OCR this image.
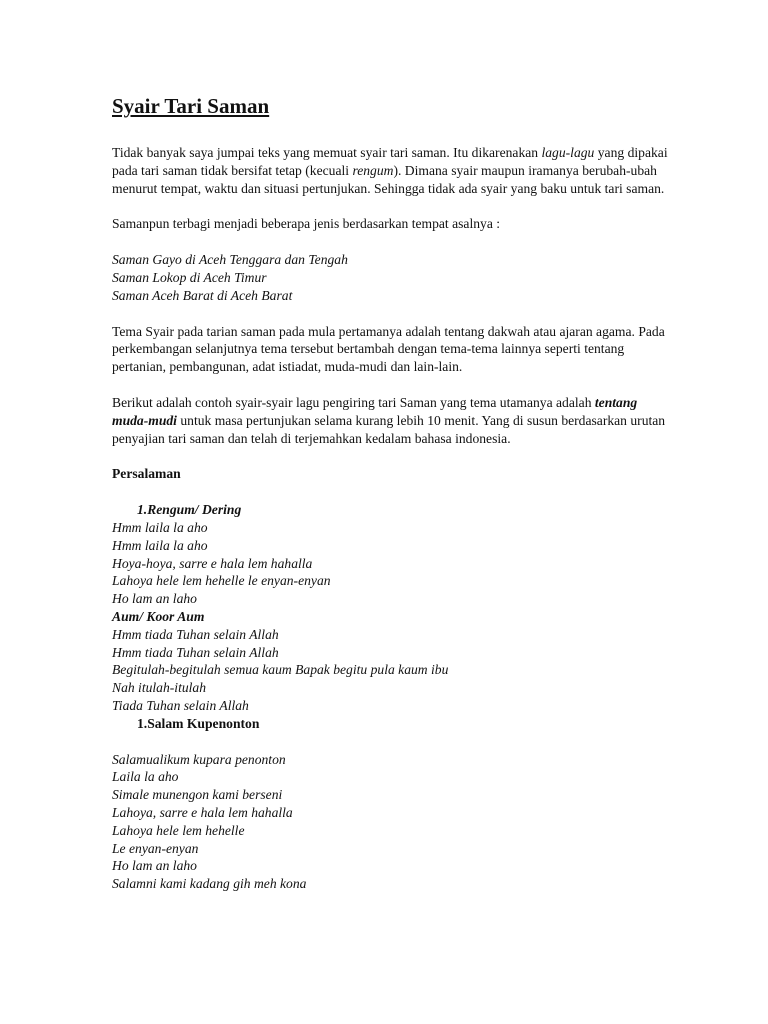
Syair Tari Saman

Tidak banyak saya jumpai teks yang memuat syair tari saman. Itu dikarenakan lagu-lagu yang dipakai pada tari saman tidak bersifat tetap (kecuali rengum). Dimana syair maupun iramanya berubah-ubah menurut tempat, waktu dan situasi pertunjukan. Sehingga tidak ada syair yang baku untuk tari saman.

Samanpun terbagi menjadi beberapa jenis berdasarkan tempat asalnya :

Saman Gayo di Aceh Tenggara dan Tengah
Saman Lokop di Aceh Timur
Saman Aceh Barat di Aceh Barat

Tema Syair pada tarian saman pada mula pertamanya adalah tentang dakwah atau ajaran agama. Pada perkembangan selanjutnya tema tersebut bertambah dengan tema-tema lainnya seperti tentang pertanian, pembangunan, adat istiadat, muda-mudi dan lain-lain.

Berikut adalah contoh syair-syair lagu pengiring tari Saman yang tema utamanya adalah tentang muda-mudi untuk masa pertunjukan selama kurang lebih 10 menit. Yang di susun berdasarkan urutan penyajian tari saman dan telah di terjemahkan kedalam bahasa indonesia.

Persalaman
1.Rengum/ Dering
Hmm laila la aho
Hmm laila la aho
Hoya-hoya, sarre e hala lem hahalla
Lahoya hele lem hehelle le enyan-enyan
Ho lam an laho
Aum/ Koor Aum
Hmm tiada Tuhan selain Allah
Hmm tiada Tuhan selain Allah
Begitulah-begitulah semua kaum Bapak begitu pula kaum ibu
Nah itulah-itulah
Tiada Tuhan selain Allah
1.Salam Kupenonton
Salamualikum kupara penonton
Laila la aho
Simale munengon kami berseni
Lahoya, sarre e hala lem hahalla
Lahoya hele lem hehelle
Le enyan-enyan
Ho lam an laho
Salamni kami kadang gih meh kona
